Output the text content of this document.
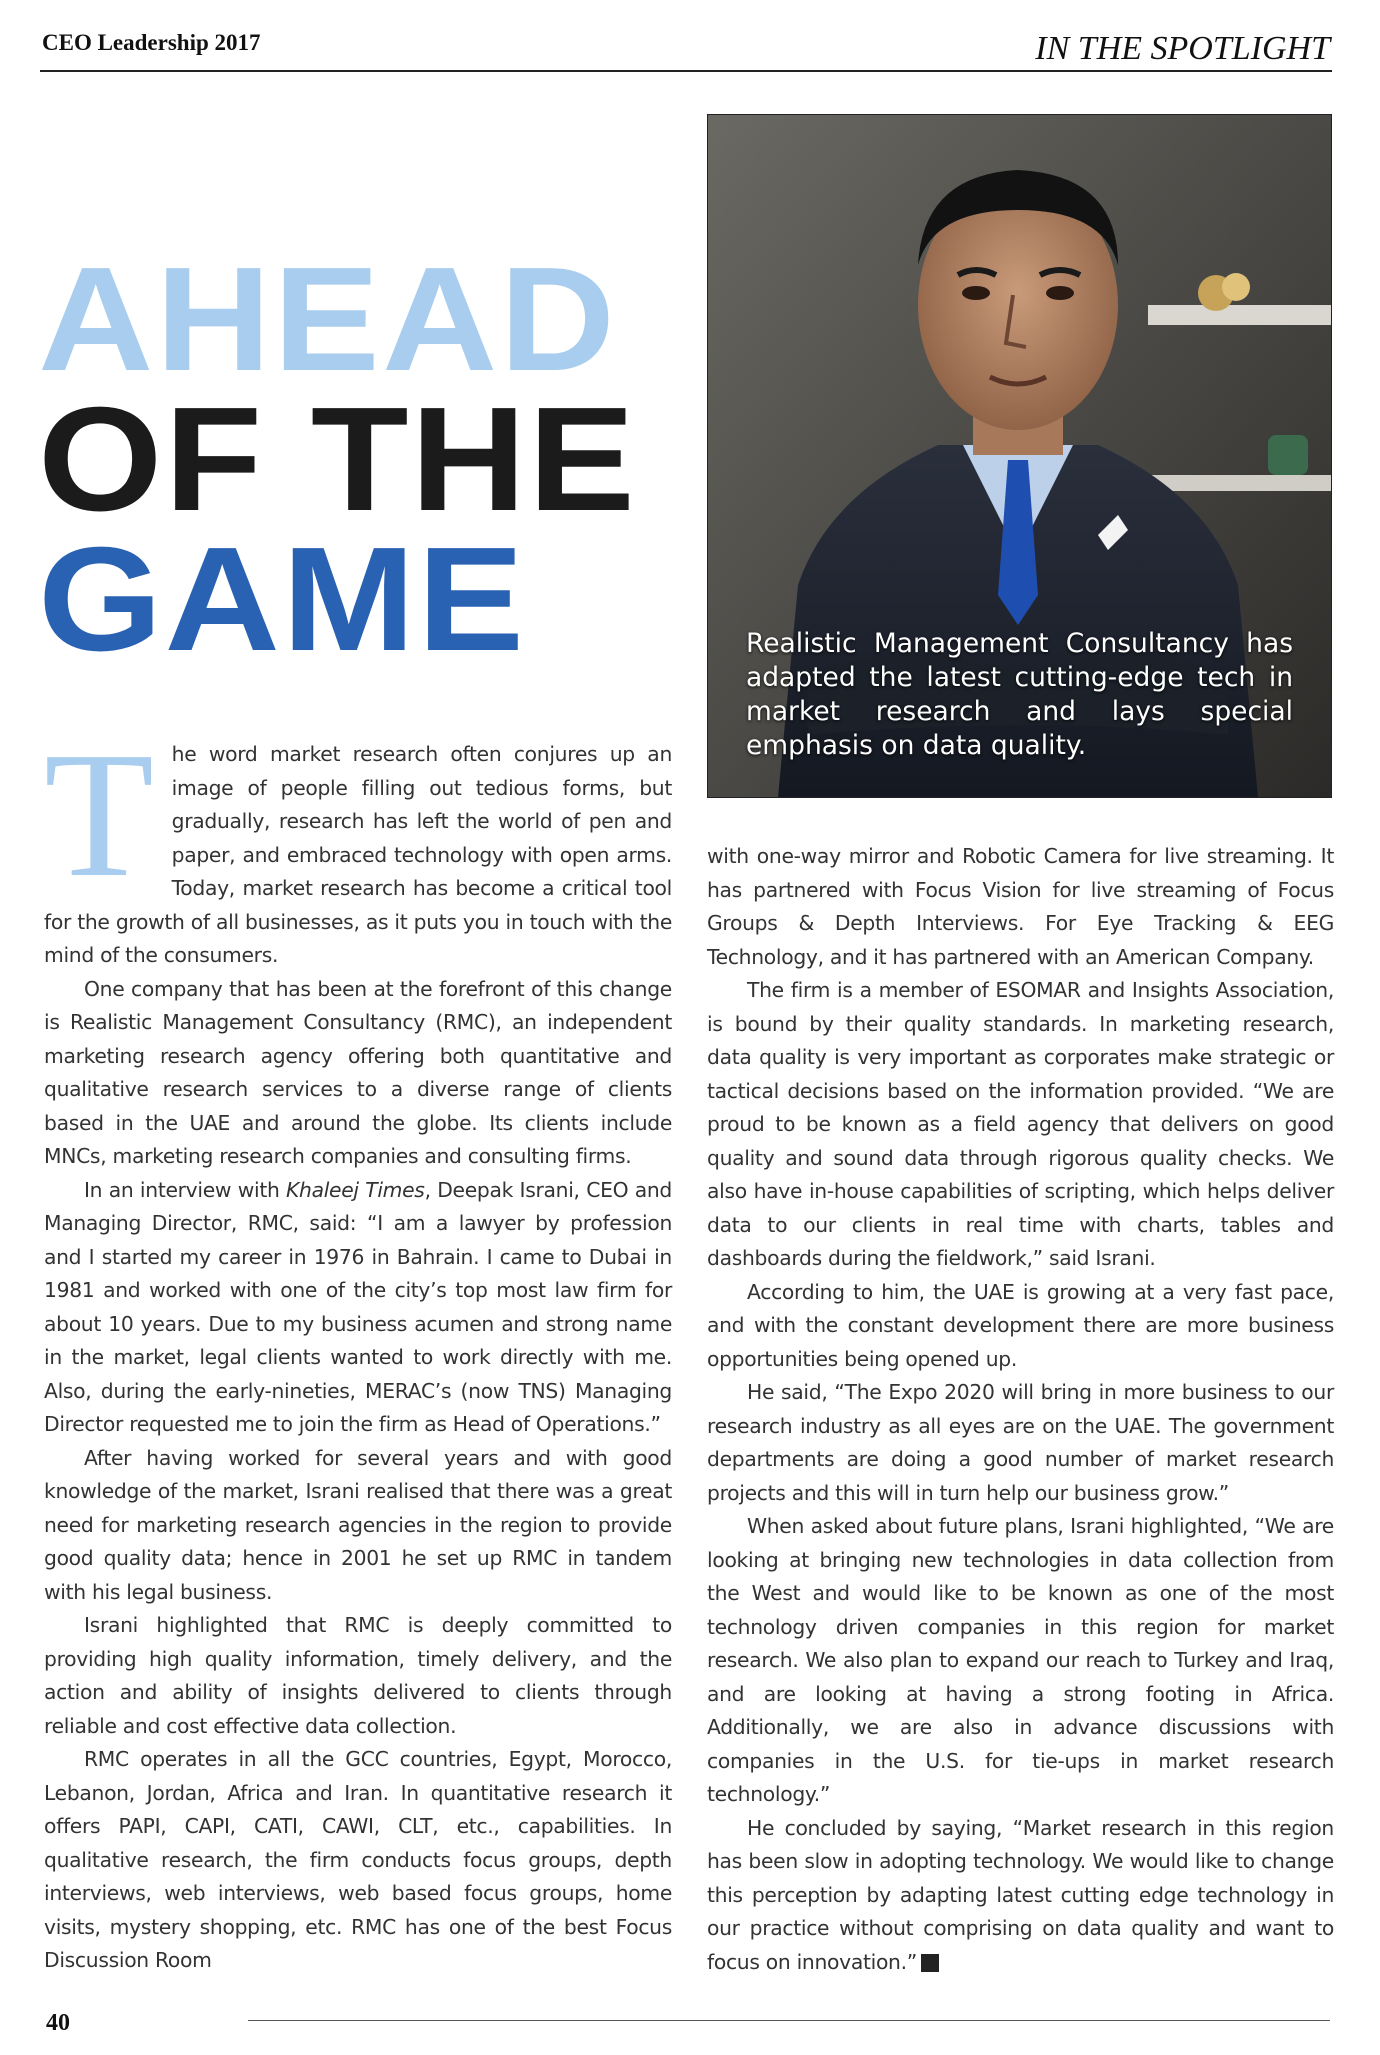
CEO Leadership 2017	IN THE SPOTLIGHT
AHEAD
OF THE
GAME	Realistic Management Consultancy has adapted the latest cutting-edge tech in market research and lays special emphasis on data quality.

The word market research often conjures up an image of people filling out tedious forms, but gradually, research has left the world of pen and paper, and embraced technology with open arms. Today, market research has become a critical tool for the growth of all businesses, as it puts you in touch with the mind of the consumers.

One company that has been at the forefront of this change is Realistic Management Consultancy (RMC), an independent marketing research agency offering both quantitative and qualitative research services to a diverse range of clients based in the UAE and around the globe. Its clients include MNCs, marketing research companies and consulting firms.

In an interview with Khaleej Times, Deepak Israni, CEO and Managing Director, RMC, said: “I am a lawyer by profession and I started my career in 1976 in Bahrain. I came to Dubai in 1981 and worked with one of the city’s top most law firm for about 10 years. Due to my business acumen and strong name in the market, legal clients wanted to work directly with me. Also, during the early-nineties, MERAC’s (now TNS) Managing Director requested me to join the firm as Head of Operations.”

After having worked for several years and with good knowledge of the market, Israni realised that there was a great need for marketing research agencies in the region to provide good quality data; hence in 2001 he set up RMC in tandem with his legal business.

Israni highlighted that RMC is deeply committed to providing high quality information, timely delivery, and the action and ability of insights delivered to clients through reliable and cost effective data collection.

RMC operates in all the GCC countries, Egypt, Morocco, Lebanon, Jordan, Africa and Iran. In quantitative research it offers PAPI, CAPI, CATI, CAWI, CLT, etc., capabilities. In qualitative research, the firm conducts focus groups, depth interviews, web interviews, web based focus groups, home visits, mystery shopping, etc. RMC has one of the best Focus Discussion Room

with one-way mirror and Robotic Camera for live streaming. It has partnered with Focus Vision for live streaming of Focus Groups & Depth Interviews. For Eye Tracking & EEG Technology, and it has partnered with an American Company.

The firm is a member of ESOMAR and Insights Association, is bound by their quality standards. In marketing research, data quality is very important as corporates make strategic or tactical decisions based on the information provided. “We are proud to be known as a field agency that delivers on good quality and sound data through rigorous quality checks. We also have in-house capabilities of scripting, which helps deliver data to our clients in real time with charts, tables and dashboards during the fieldwork,” said Israni.

According to him, the UAE is growing at a very fast pace, and with the constant development there are more business opportunities being opened up.

He said, “The Expo 2020 will bring in more business to our research industry as all eyes are on the UAE. The government departments are doing a good number of market research projects and this will in turn help our business grow.”

When asked about future plans, Israni highlighted, “We are looking at bringing new technologies in data collection from the West and would like to be known as one of the most technology driven companies in this region for market research. We also plan to expand our reach to Turkey and Iraq, and are looking at having a strong footing in Africa. Additionally, we are also in advance discussions with companies in the U.S. for tie-ups in market research technology.”

He concluded by saying, “Market research in this region has been slow in adopting technology. We would like to change this perception by adapting latest cutting edge technology in our practice without comprising on data quality and want to focus on innovation.”	■

40
